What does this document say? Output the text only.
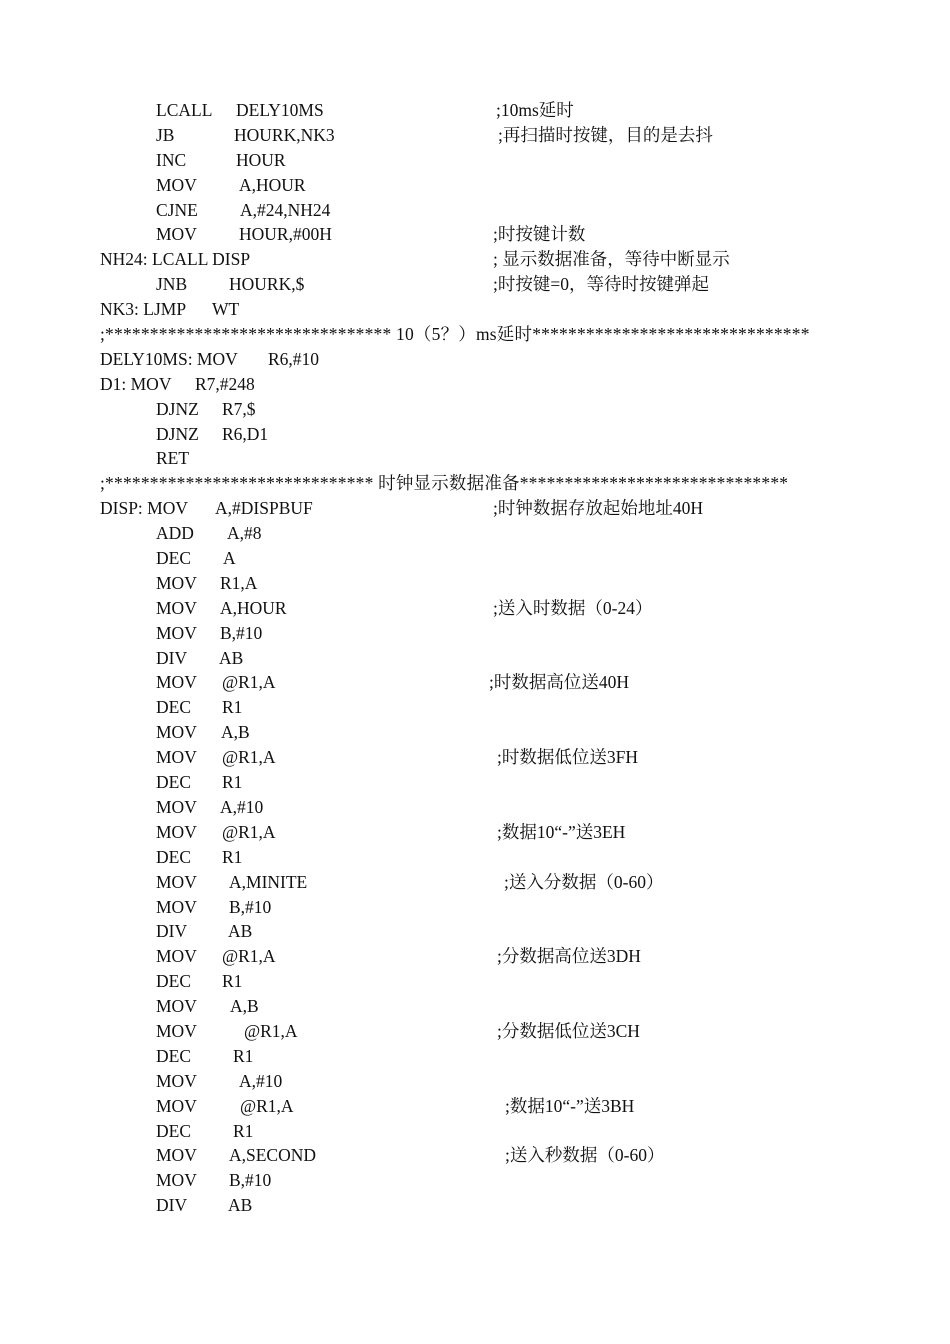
LCALL DELY10MS	;10ms延时
JB	HOURK,NK3	;再扫描时按键，目的是去抖
INC	HOUR
MOV A,HOUR
CJNE A,#24,NH24
MOV HOUR,#00H	;时按键计数
NH24: LCALL DISP	; 显示数据准备，等待中断显示
JNB HOURK,$	;时按键=0，等待时按键弹起
NK3: LJMP WT
;******************************** 10（5？）ms延时*******************************
DELY10MS: MOV R6,#10
D1: MOV R7,#248
DJNZ R7,$
DJNZ R6,D1
RET
;****************************** 时钟显示数据准备******************************
DISP: MOV A,#DISPBUF	;时钟数据存放起始地址40H
ADD A,#8
DEC A
MOV R1,A
MOV A,HOUR	;送入时数据（0-24）
MOV B,#10
DIV AB
MOV @R1,A	;时数据高位送40H
DEC R1
MOV A,B
MOV @R1,A	;时数据低位送3FH
DEC R1
MOV A,#10
MOV @R1,A	;数据10“-”送3EH
DEC R1
MOV A,MINITE	;送入分数据（0-60）
MOV B,#10
DIV AB
MOV @R1,A	;分数据高位送3DH
DEC R1
MOV A,B
MOV	@R1,A	;分数据低位送3CH
DEC R1
MOV A,#10
MOV @R1,A	;数据10“-”送3BH
DEC R1
MOV A,SECOND	;送入秒数据（0-60）
MOV B,#10
DIV AB
